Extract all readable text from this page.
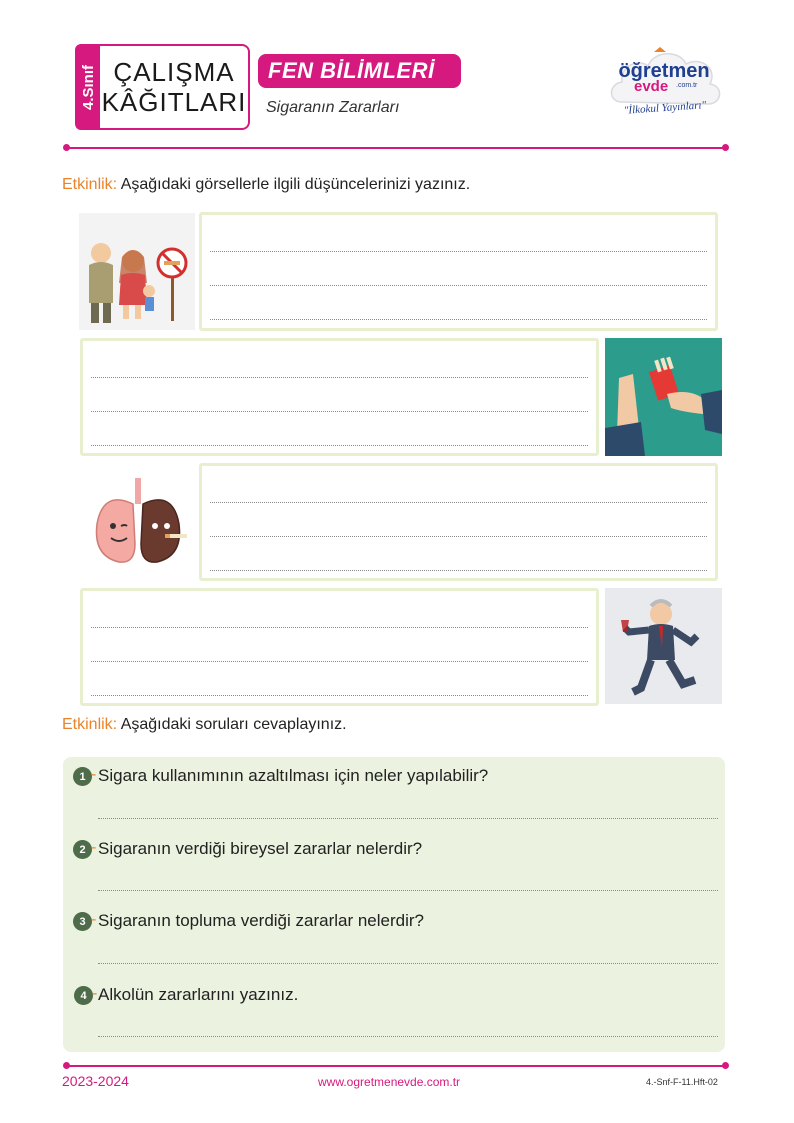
4.Sınıf ÇALIŞMA
KÂĞITLARI
FEN BİLİMLERİ
Sigaranın Zararları
öğretmen
evde .com.tr
"İlkokul Yayınları"
Etkinlik: Aşağıdaki görsellerle ilgili düşüncelerinizi yazınız.
Etkinlik: Aşağıdaki soruları cevaplayınız.
1 - Sigara kullanımının azaltılması için neler yapılabilir?
2 - Sigaranın verdiği bireysel zararlar nelerdir?
3 - Sigaranın topluma verdiği zararlar nelerdir?
4 - Alkolün zararlarını yazınız.
2023-2024	www.ogretmenevde.com.tr	4.-Snf-F-11.Hft-02
